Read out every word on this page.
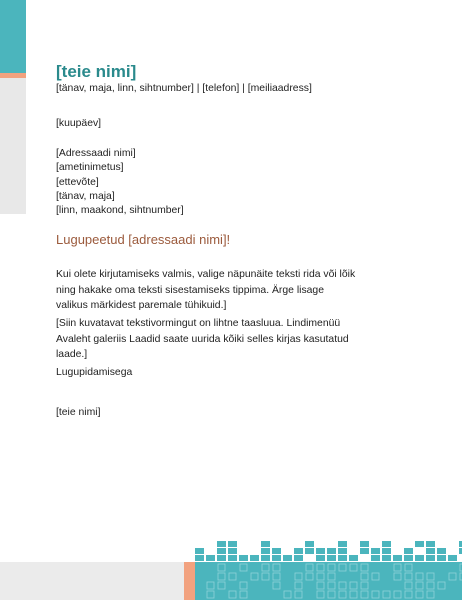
[teie nimi]
[tänav, maja, linn, sihtnumber] | [telefon] | [meiliaadress]
[kuupäev]
[Adressaadi nimi]
[ametinimetus]
[ettevõte]
[tänav, maja]
[linn, maakond, sihtnumber]
Lugupeetud [adressaadi nimi]!
Kui olete kirjutamiseks valmis, valige näpunäite teksti rida või lõik ning hakake oma teksti sisestamiseks tippima. Ärge lisage valikus märkidest paremale tühikuid.]
[Siin kuvatavat tekstivormingut on lihtne taasluua. Lindimenüü Avaleht galeriis Laadid saate uurida kõiki selles kirjas kasutatud laade.]
Lugupidamisega
[teie nimi]
